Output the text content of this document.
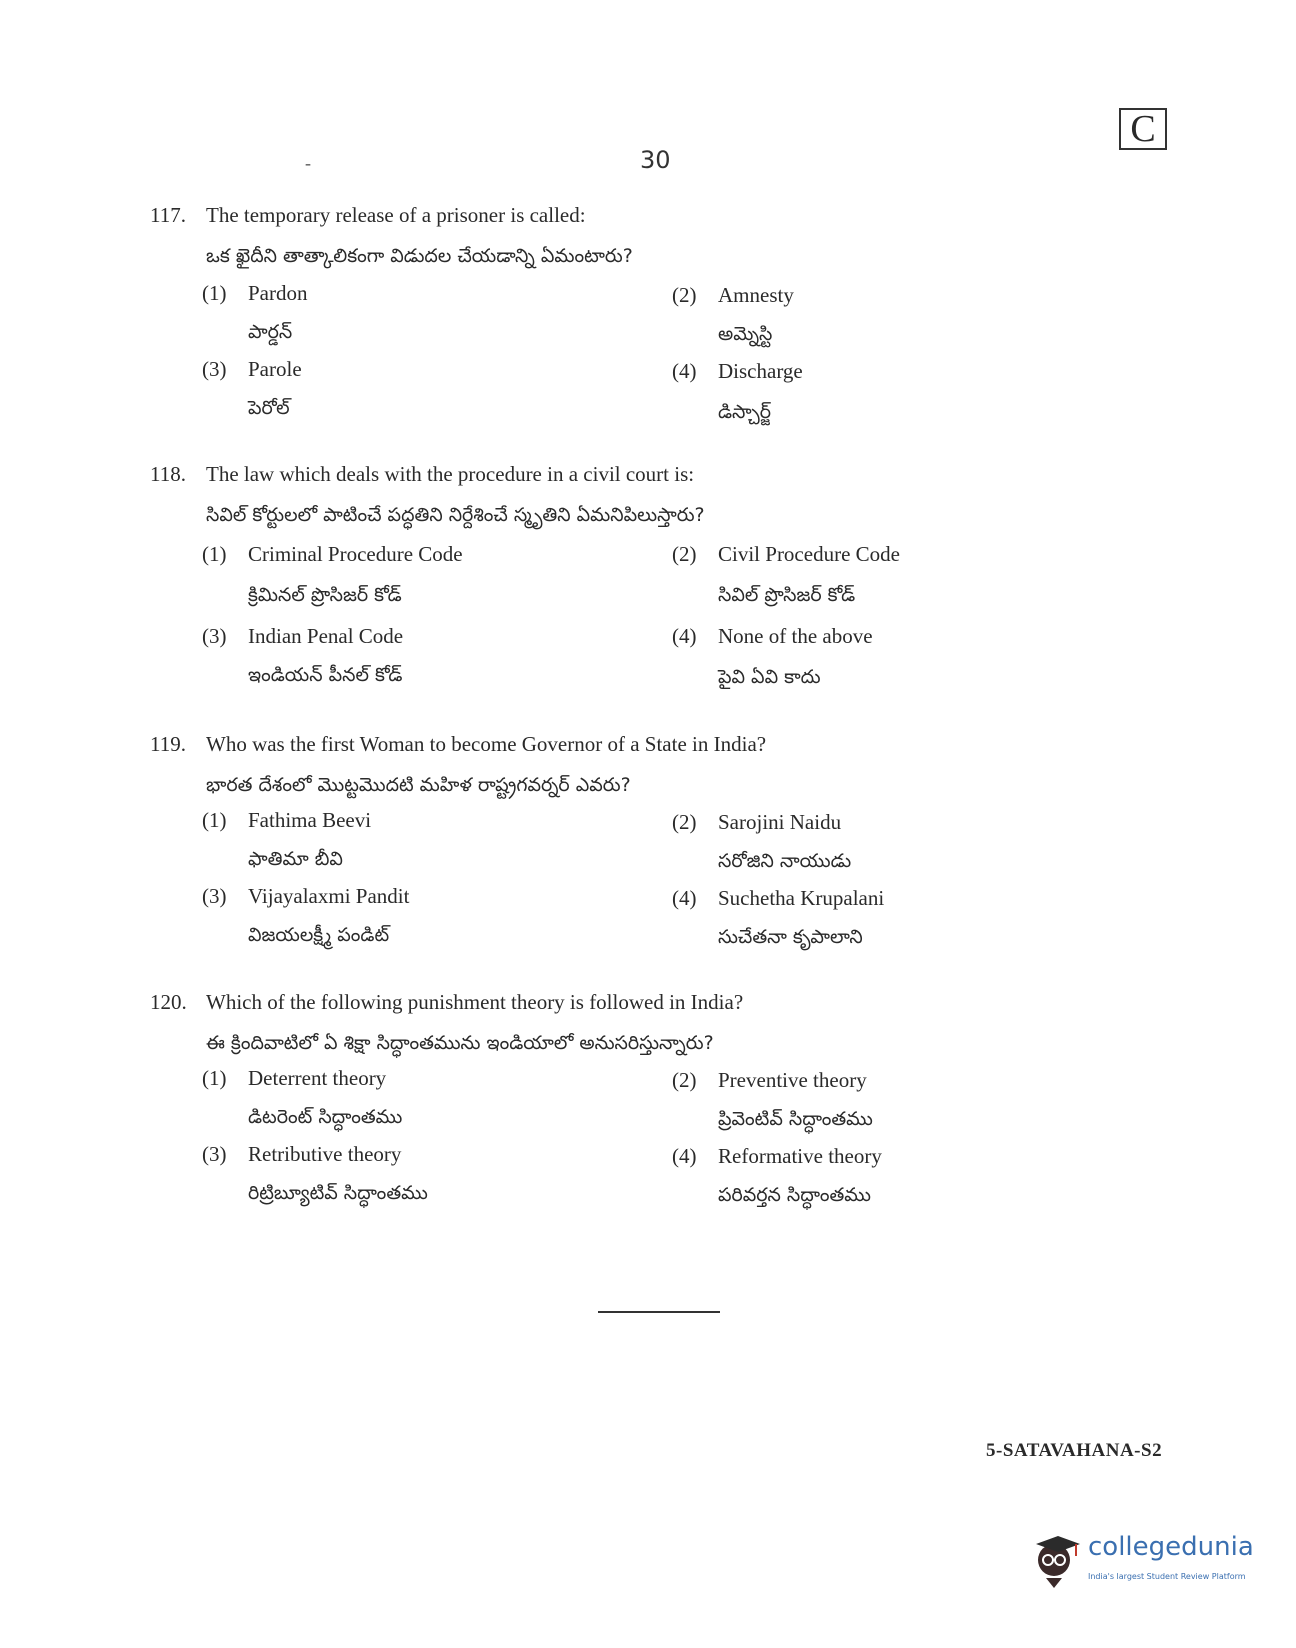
-	30
C
117. The temporary release of a prisoner is called:
ఒక ఖైదీని తాత్కాలికంగా విడుదల చేయడాన్ని ఏమంటారు?
(1) Pardon
పార్డన్
(2) Amnesty
అమ్నెస్టి
(3) Parole
పెరోల్
(4) Discharge
డిస్చార్జ్
118. The law which deals with the procedure in a civil court is:
సివిల్ కోర్టులలో పాటించే పద్ధతిని నిర్దేశించే స్మృతిని ఏమనిపిలుస్తారు?
(1) Criminal Procedure Code
క్రిమినల్ ప్రొసిజర్ కోడ్
(2) Civil Procedure Code
సివిల్ ప్రొసిజర్ కోడ్
(3) Indian Penal Code
ఇండియన్ పీనల్ కోడ్
(4) None of the above
పైవి ఏవి కాదు
119. Who was the first Woman to become Governor of a State in India?
భారత దేశంలో మొట్టమొదటి మహిళ రాష్ట్రగవర్నర్ ఎవరు?
(1) Fathima Beevi
ఫాతిమా బీవి
(2) Sarojini Naidu
సరోజిని నాయుడు
(3) Vijayalaxmi Pandit
విజయలక్ష్మీ పండిట్
(4) Suchetha Krupalani
సుచేతనా కృపాలాని
120. Which of the following punishment theory is followed in India?
ఈ క్రిందివాటిలో ఏ శిక్షా సిద్ధాంతమును ఇండియాలో అనుసరిస్తున్నారు?
(1) Deterrent theory
డిటరెంట్ సిద్ధాంతము
(2) Preventive theory
ప్రివెంటివ్ సిద్ధాంతము
(3) Retributive theory
రిట్రిబ్యూటివ్ సిద్ధాంతము
(4) Reformative theory
పరివర్తన సిద్ధాంతము
5-SATAVAHANA-S2
collegedunia
India's largest Student Review Platform
